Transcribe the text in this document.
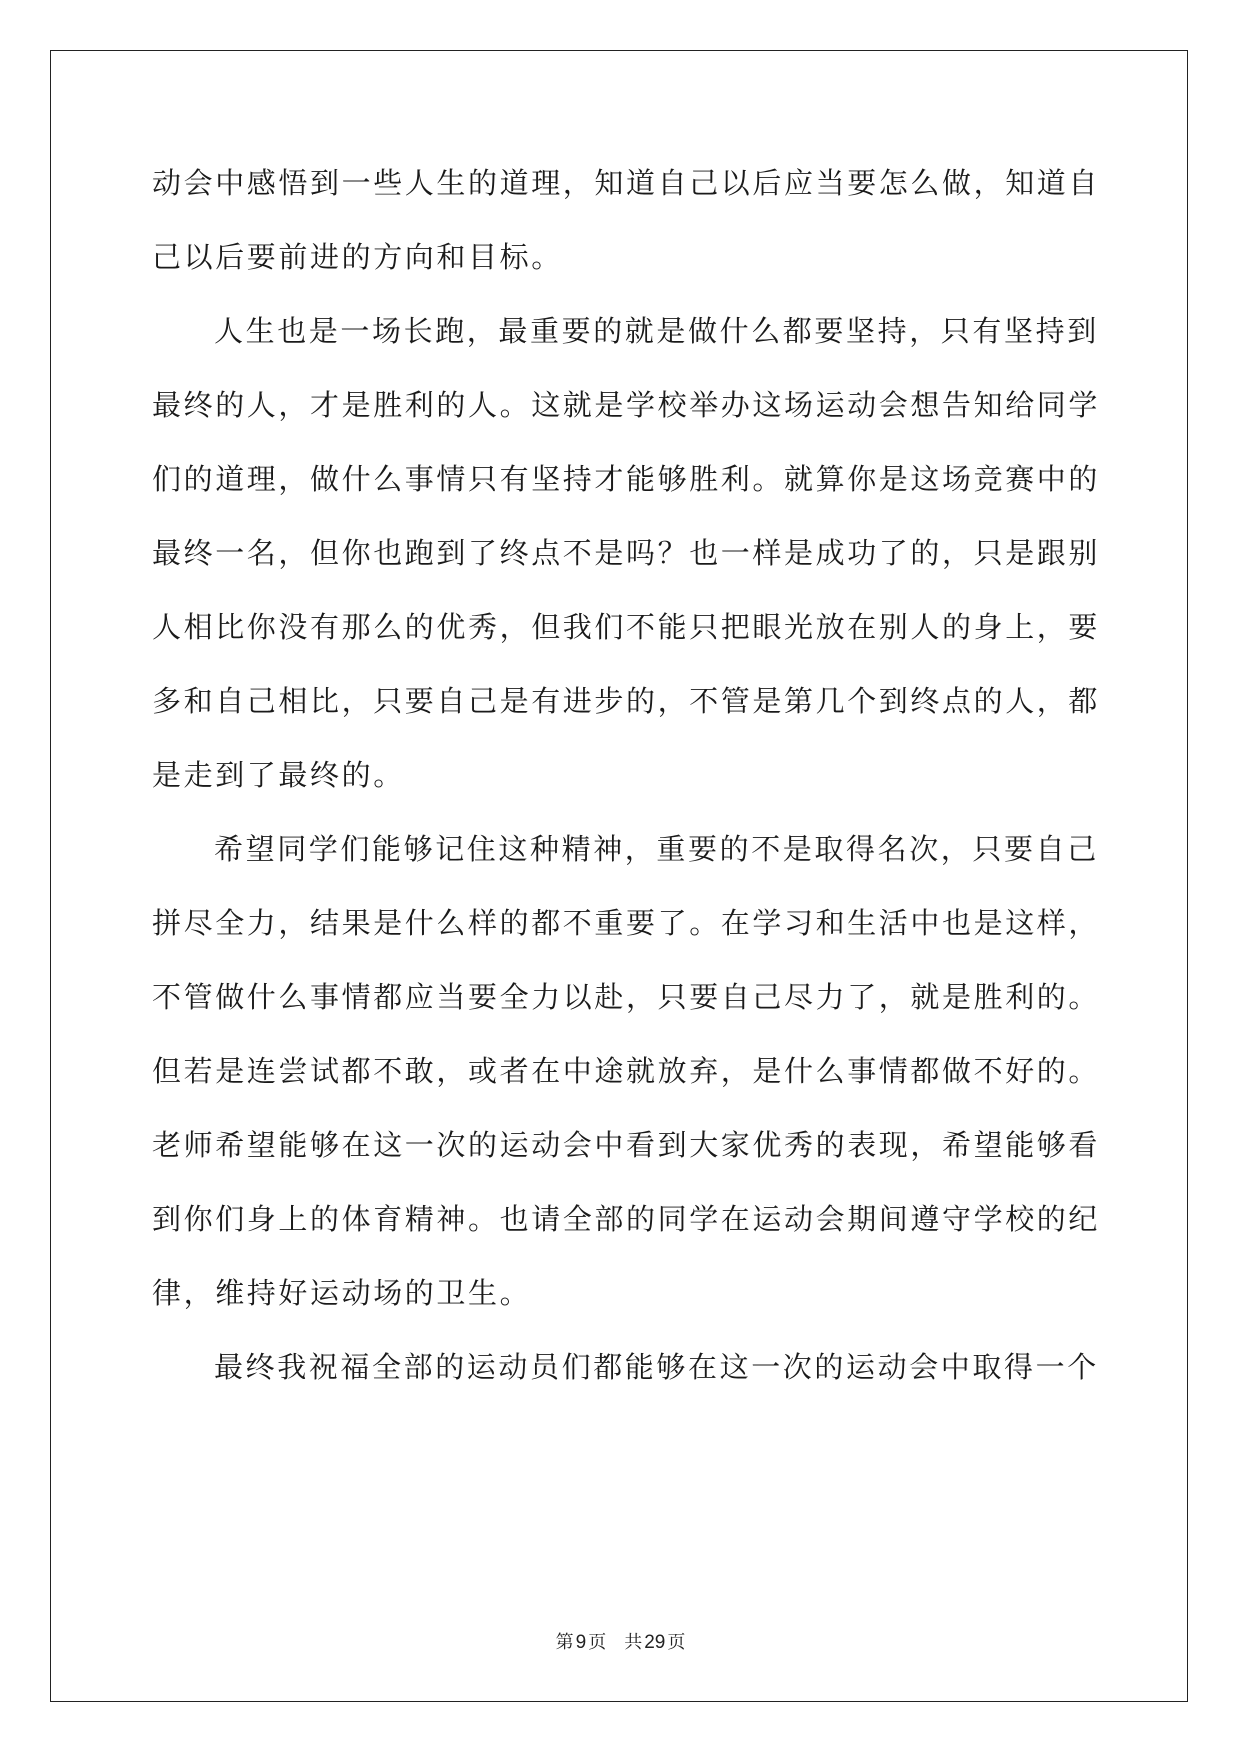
动会中感悟到一些人生的道理，知道自己以后应当要怎么做，知道自
己以后要前进的方向和目标。
人生也是一场长跑，最重要的就是做什么都要坚持，只有坚持到
最终的人，才是胜利的人。这就是学校举办这场运动会想告知给同学
们的道理，做什么事情只有坚持才能够胜利。就算你是这场竞赛中的
最终一名，但你也跑到了终点不是吗？也一样是成功了的，只是跟别
人相比你没有那么的优秀，但我们不能只把眼光放在别人的身上，要
多和自己相比，只要自己是有进步的，不管是第几个到终点的人，都
是走到了最终的。
希望同学们能够记住这种精神，重要的不是取得名次，只要自己
拼尽全力，结果是什么样的都不重要了。在学习和生活中也是这样，
不管做什么事情都应当要全力以赴，只要自己尽力了，就是胜利的。
但若是连尝试都不敢，或者在中途就放弃，是什么事情都做不好的。
老师希望能够在这一次的运动会中看到大家优秀的表现，希望能够看
到你们身上的体育精神。也请全部的同学在运动会期间遵守学校的纪
律，维持好运动场的卫生。
最终我祝福全部的运动员们都能够在这一次的运动会中取得一个
第 9 页 共 29 页
